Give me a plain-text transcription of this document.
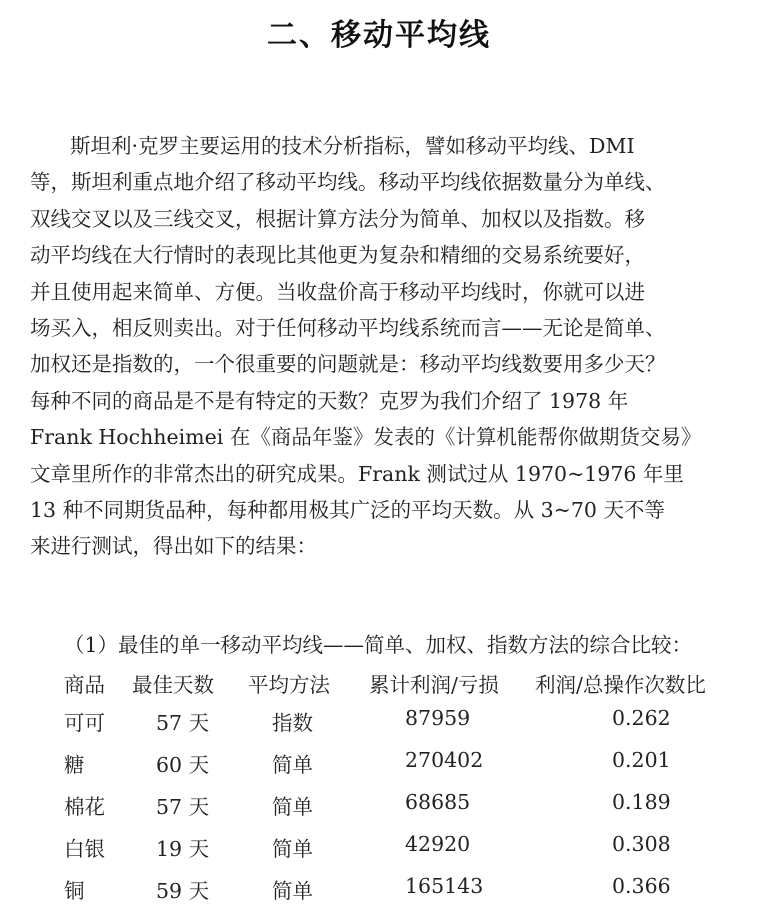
二、移动平均线
斯坦利·克罗主要运用的技术分析指标，譬如移动平均线、DMI
等，斯坦利重点地介绍了移动平均线。移动平均线依据数量分为单线、
双线交叉以及三线交叉，根据计算方法分为简单、加权以及指数。移
动平均线在大行情时的表现比其他更为复杂和精细的交易系统要好，
并且使用起来简单、方便。当收盘价高于移动平均线时，你就可以进
场买入，相反则卖出。对于任何移动平均线系统而言——无论是简单、
加权还是指数的，一个很重要的问题就是：移动平均线数要用多少天？
每种不同的商品是不是有特定的天数？克罗为我们介绍了 1978 年
Frank Hochheimei 在《商品年鉴》发表的《计算机能帮你做期货交易》
文章里所作的非常杰出的研究成果。Frank 测试过从 1970~1976 年里
13 种不同期货品种，每种都用极其广泛的平均天数。从 3~70 天不等
来进行测试，得出如下的结果：
（1）最佳的单一移动平均线——简单、加权、指数方法的综合比较：
商品 最佳天数 平均方法 累计利润/亏损 利润/总操作次数比
可可 57 天	指数	87959	0.262
糖	60 天	简单	270402	0.201
棉花 57 天	简单	68685	0.189
白银 19 天	简单	42920	0.308
铜	59 天	简单	165143	0.366
